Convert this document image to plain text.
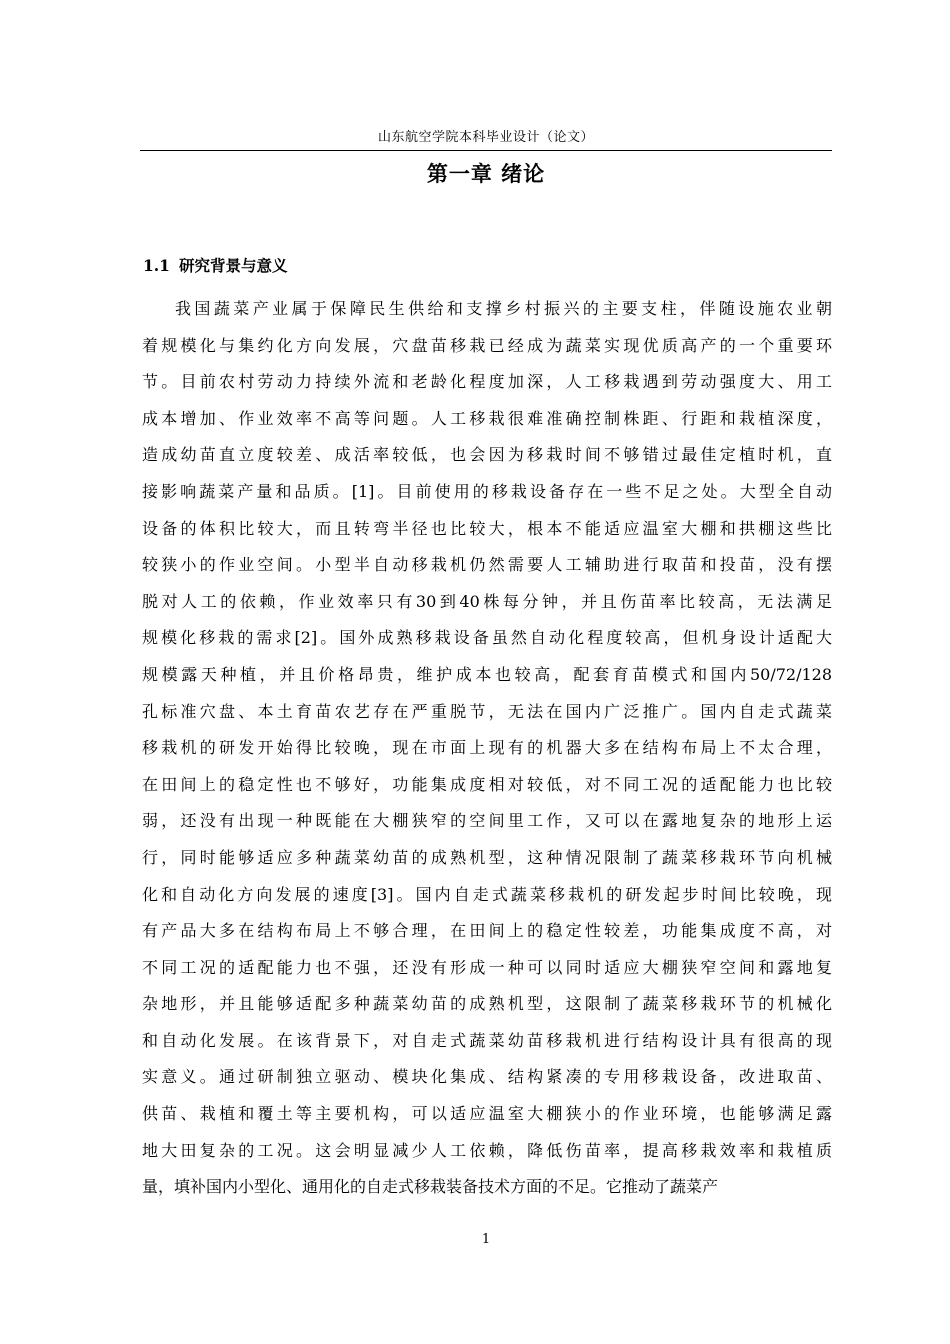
山东航空学院本科毕业设计（论文）
第一章 绪论
1.1 研究背景与意义
我国蔬菜产业属于保障民生供给和支撑乡村振兴的主要支柱，伴随设施农业朝
着规模化与集约化方向发展，穴盘苗移栽已经成为蔬菜实现优质高产的一个重要环
节。目前农村劳动力持续外流和老龄化程度加深，人工移栽遇到劳动强度大、用工
成本增加、作业效率不高等问题。人工移栽很难准确控制株距、行距和栽植深度，
造成幼苗直立度较差、成活率较低，也会因为移栽时间不够错过最佳定植时机，直
接影响蔬菜产量和品质。[1]。目前使用的移栽设备存在一些不足之处。大型全自动
设备的体积比较大，而且转弯半径也比较大，根本不能适应温室大棚和拱棚这些比
较狭小的作业空间。小型半自动移栽机仍然需要人工辅助进行取苗和投苗，没有摆
脱对人工的依赖，作业效率只有30到40株每分钟，并且伤苗率比较高，无法满足
规模化移栽的需求[2]。国外成熟移栽设备虽然自动化程度较高，但机身设计适配大
规模露天种植，并且价格昂贵，维护成本也较高，配套育苗模式和国内50/72/128
孔标准穴盘、本土育苗农艺存在严重脱节，无法在国内广泛推广。国内自走式蔬菜
移栽机的研发开始得比较晚，现在市面上现有的机器大多在结构布局上不太合理，
在田间上的稳定性也不够好，功能集成度相对较低，对不同工况的适配能力也比较
弱，还没有出现一种既能在大棚狭窄的空间里工作，又可以在露地复杂的地形上运
行，同时能够适应多种蔬菜幼苗的成熟机型，这种情况限制了蔬菜移栽环节向机械
化和自动化方向发展的速度[3]。国内自走式蔬菜移栽机的研发起步时间比较晚，现
有产品大多在结构布局上不够合理，在田间上的稳定性较差，功能集成度不高，对
不同工况的适配能力也不强，还没有形成一种可以同时适应大棚狭窄空间和露地复
杂地形，并且能够适配多种蔬菜幼苗的成熟机型，这限制了蔬菜移栽环节的机械化
和自动化发展。在该背景下，对自走式蔬菜幼苗移栽机进行结构设计具有很高的现
实意义。通过研制独立驱动、模块化集成、结构紧凑的专用移栽设备，改进取苗、
供苗、栽植和覆土等主要机构，可以适应温室大棚狭小的作业环境，也能够满足露
地大田复杂的工况。这会明显减少人工依赖，降低伤苗率，提高移栽效率和栽植质
量，填补国内小型化、通用化的自走式移栽装备技术方面的不足。它推动了蔬菜产
1
